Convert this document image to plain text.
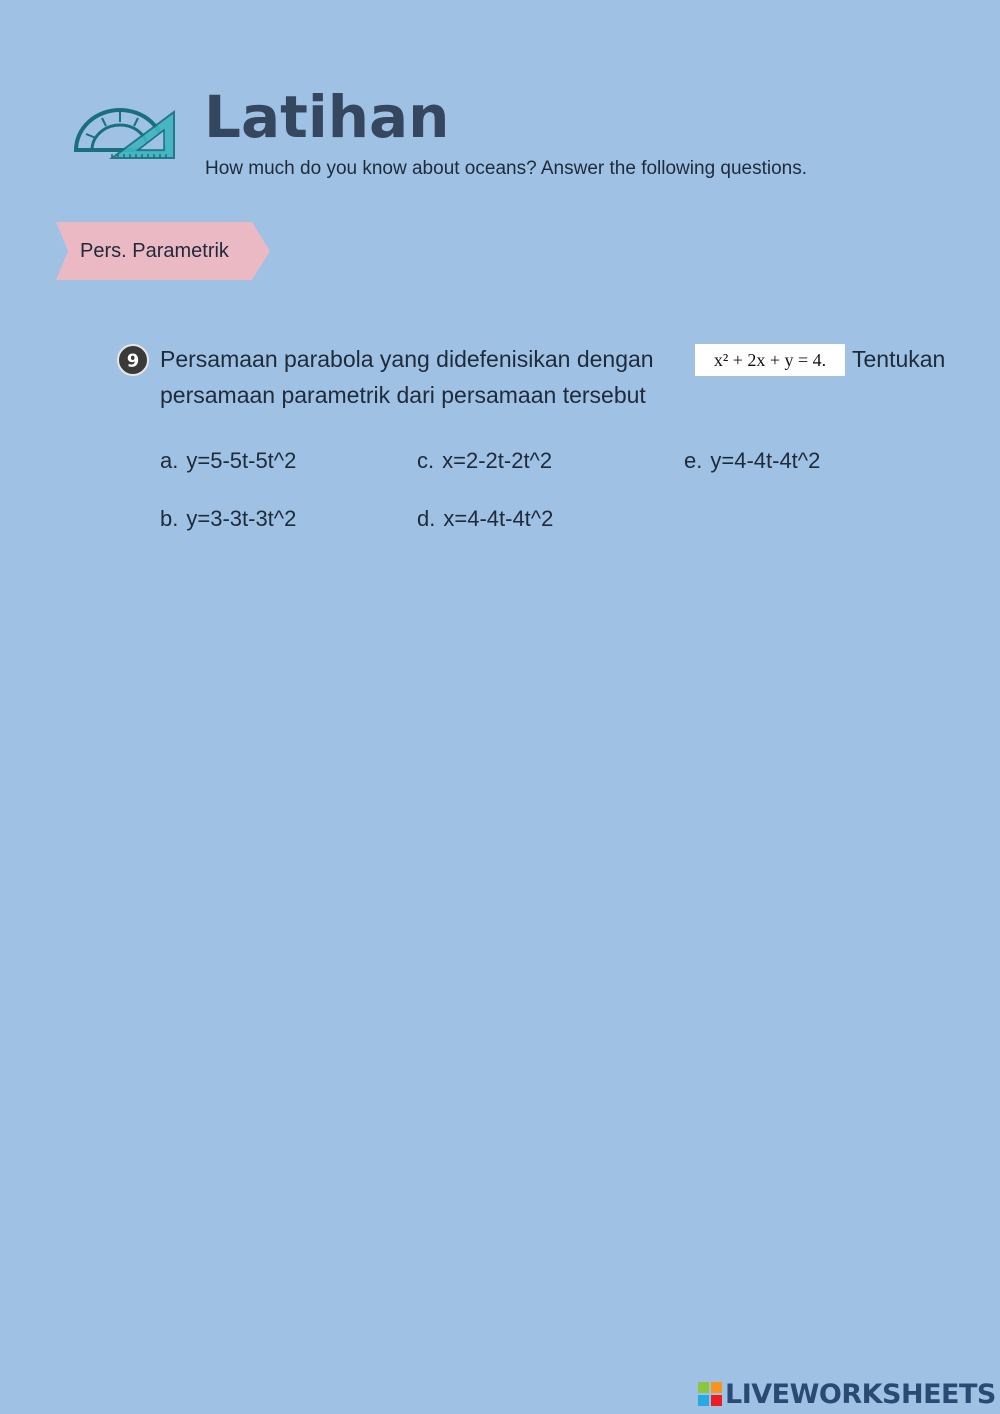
Latihan
How much do you know about oceans? Answer the following questions.
Pers. Parametrik
9 Persamaan parabola yang didefenisikan dengan	Tentukan
persamaan parametrik dari persamaan tersebut
x² + 2x + y = 4.
a. y=5-5t-5t^2
b. y=3-3t-3t^2
c. x=2-2t-2t^2
d. x=4-4t-4t^2
e. y=4-4t-4t^2
LIVEWORKSHEETS
